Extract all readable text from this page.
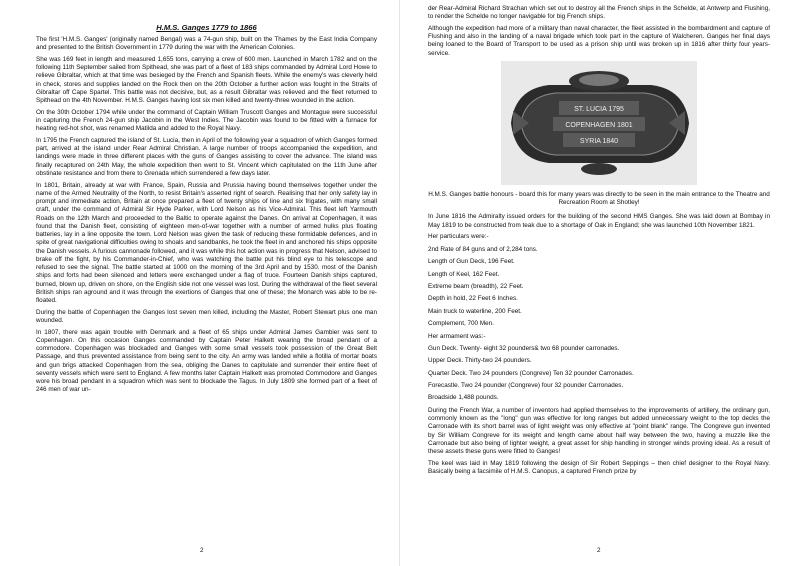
H.M.S. Ganges 1779 to 1866

The first 'H.M.S. Ganges' (originally named Bengal) was a 74-gun ship, built on the Thames by the East India Company and presented to the British Government in 1779 during the war with the American Colonies.

She was 169 feet in length and measured 1,655 tons, carrying a crew of 600 men. Launched in March 1782 and on the following 11th September sailed from Spithead, she was part of a fleet of 183 ships commanded by Admiral Lord Howe to relieve Gibraltar, which at that time was besieged by the French and Spanish fleets. While the enemy's was cleverly held in check, stores and supplies landed on the Rock then on the 20th October a further action was fought in the Straits of Gibraltar off Cape Spartel. This battle was not decisive, but, as a result Gibraltar was relieved and the fleet returned to Spithead on the 4th November. H.M.S. Ganges having lost six men killed and twenty-three wounded in the action.

On the 30th October 1794 while under the command of Captain William Truscott Ganges and Montague were successful in capturing the French 24-gun ship Jacobin in the West Indies. The Jacobin was found to be fitted with a furnace for heating red-hot shot, was renamed Matilda and added to the Royal Navy.

In 1795 the French captured the island of St. Lucia, then in April of the following year a squadron of which Ganges formed part, arrived at the island under Rear Admiral Christian. A large number of troops accompanied the expedition, and landings were made in three different places with the guns of Ganges assisting to cover the advance. The island was finally recaptured on 24th May, the whole expedition then went to St. Vincent which capitulated on the 11th June after obstinate resistance and from there to Grenada which surrendered a few days later.

In 1801, Britain, already at war with France, Spain, Russia and Prussia having bound themselves together under the name of the Armed Neutrality of the North, to resist Britain's asserted right of search. Realising that her only safety lay in prompt and immediate action, Britain at once prepared a fleet of twenty ships of line and six frigates, with many small craft, under the command of Admiral Sir Hyde Parker, with Lord Nelson as his Vice-Admiral. This fleet left Yarmouth Roads on the 12th March and proceeded to the Baltic to operate against the Danes. On arrival at Copenhagen, it was found that the Danish fleet, consisting of eighteen men-of-war together with a number of armed hulks plus floating batteries, lay in a line opposite the town. Lord Nelson was given the task of reducing these formidable defences, and in spite of great navigational difficulties owing to shoals and sandbanks, he took the fleet in and anchored his ships opposite the Danish vessels. A furious cannonade followed, and it was while this hot action was in progress that Nelson, advised to brake off the fight, by his Commander-in-Chief, who was watching the battle put his blind eye to his telescope and refused to see the signal. The battle started at 1000 on the morning of the 3rd April and by 1530. most of the Danish ships and forts had been silenced and letters were exchanged under a flag of truce. Fourteen Danish ships captured, burned, blown up, driven on shore, on the English side not one vessel was lost. During the withdrawal of the fleet several British ships ran aground and it was through the exertions of Ganges that one of these; the Monarch was able to be re-floated.

During the battle of Copenhagen the Ganges lost seven men killed, including the Master, Robert Stewart plus one man wounded.

In 1807, there was again trouble with Denmark and a fleet of 65 ships under Admiral James Gambier was sent to Copenhagen. On this occasion Ganges commanded by Captain Peter Halkett wearing the broad pendant of a commodore. Copenhagen was blockaded and Ganges with some small vessels took possession of the Great Belt Passage, and thus prevented assistance from being sent to the city. An army was landed while a flotilla of mortar boats and gun brigs attacked Copenhagen from the sea, obliging the Danes to capitulate and surrender their entire fleet of seventy vessels which were sent to England. A few months later Captain Halkett was promoted Commodore and Ganges wore his broad pendant in a squadron which was sent to blockade the Tagus. In July 1809 she formed part of a fleet of 246 men of war un-

2

der Rear-Admiral Richard Strachan which set out to destroy all the French ships in the Schelde, at Antwerp and Flushing, to render the Schelde no longer navigable for big French ships.

Although the expedition had more of a military than naval character, the fleet assisted in the bombardment and capture of Flushing and also in the landing of a naval brigade which took part in the capture of Walcheren. Ganges her final days being loaned to the Board of Transport to be used as a prison ship until was broken up in 1816 after thirty four years-service.

ST. LUCIA 1795
COPENHAGEN 1801
SYRIA 1840

H.M.S. Ganges battle honours - board this for many years was directly to be seen in the main entrance to the Theatre and Recreation Room at Shotley!

In June 1816 the Admiralty issued orders for the building of the second HMS Ganges. She was laid down at Bombay in May 1819 to be constructed from teak due to a shortage of Oak in England; she was launched 10th November 1821.

Her particulars were:-

2nd Rate of 84 guns and of 2,284 tons.

Length of Gun Deck, 196 Feet.

Length of Keel, 162 Feet.

Extreme beam (breadth), 22 Feet.

Depth in hold, 22 Feet 6 Inches.

Main truck to waterline, 200 Feet.

Complement, 700 Men.

Her armament was:-

Gun Deck. Twenty- eight 32 pounders& two 68 pounder carronades.

Upper Deck. Thirty-two 24 pounders.

Quarter Deck. Two 24 pounders (Congreve) Ten 32 pounder Carronades.

Forecastle. Two 24 pounder (Congreve) four 32 pounder Carronades.

Broadside 1,488 pounds.

During the French War, a number of inventors had applied themselves to the improvements of artillery, the ordinary gun, commonly known as the "long" gun was effective for long ranges but added unnecessary weight to the top decks the Carronade with its short barrel was of light weight was only effective at "point blank" range. The Congreve gun invented by Sir William Congreve for its weight and length came about half way between the two, having a muzzle like the Carronade but also being of lighter weight, a great asset for ship handling in stronger winds proving ideal. As a result of these assets these guns were fitted to Ganges!

The keel was laid in May 1819 following the design of Sir Robert Seppings – then chief designer to the Royal Navy. Basically being a facsimile of H.M.S. Canopus, a captured French prize by

2
